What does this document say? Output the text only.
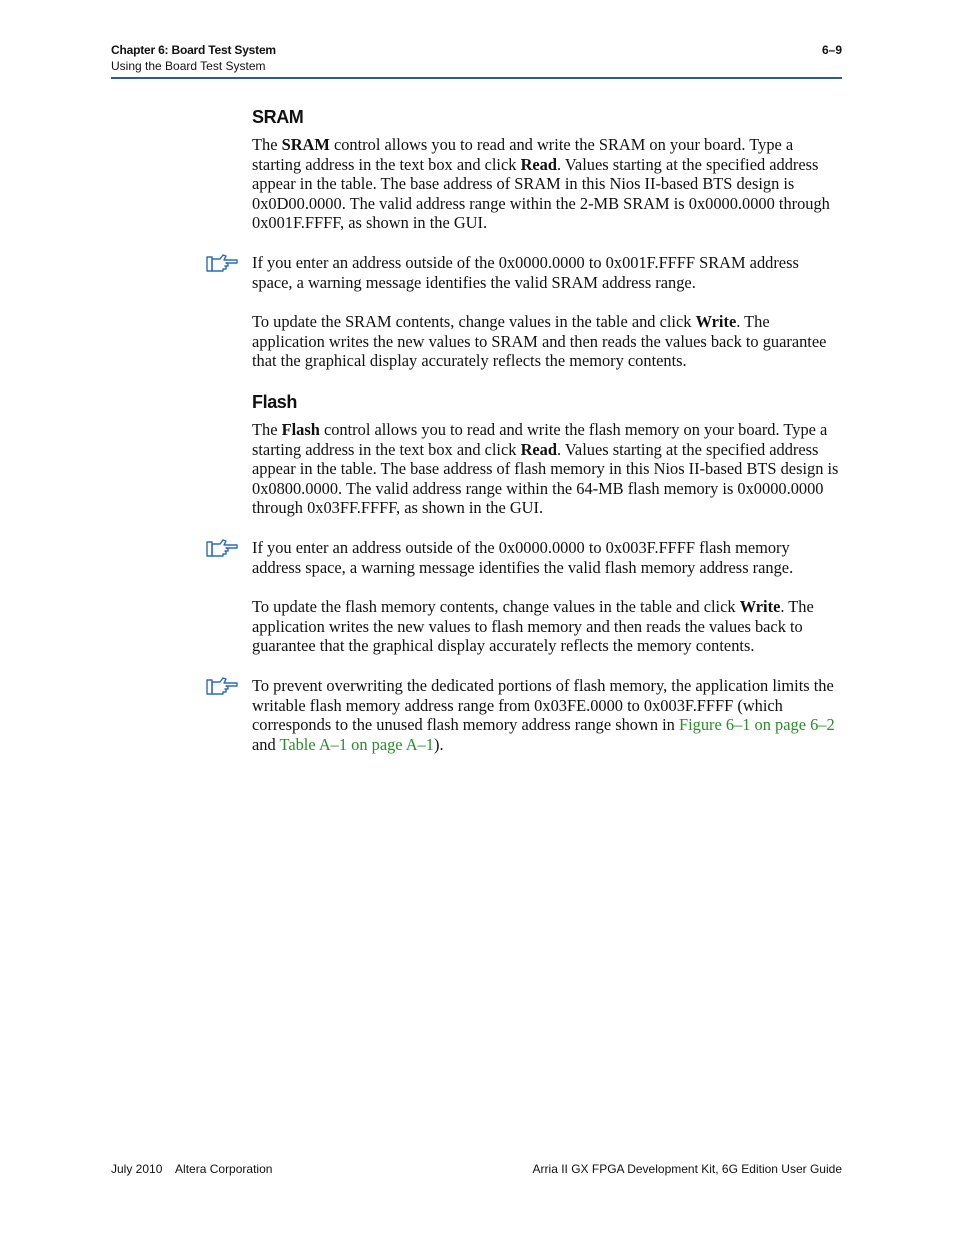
Chapter 6: Board Test System
Using the Board Test System
6–9
SRAM

The SRAM control allows you to read and write the SRAM on your board. Type a starting address in the text box and click Read. Values starting at the specified address appear in the table. The base address of SRAM in this Nios II-based BTS design is 0x0D00.0000. The valid address range within the 2-MB SRAM is 0x0000.0000 through 0x001F.FFFF, as shown in the GUI.

If you enter an address outside of the 0x0000.0000 to 0x001F.FFFF SRAM address space, a warning message identifies the valid SRAM address range.

To update the SRAM contents, change values in the table and click Write. The application writes the new values to SRAM and then reads the values back to guarantee that the graphical display accurately reflects the memory contents.

Flash

The Flash control allows you to read and write the flash memory on your board. Type a starting address in the text box and click Read. Values starting at the specified address appear in the table. The base address of flash memory in this Nios II-based BTS design is 0x0800.0000. The valid address range within the 64-MB flash memory is 0x0000.0000 through 0x03FF.FFFF, as shown in the GUI.

If you enter an address outside of the 0x0000.0000 to 0x003F.FFFF flash memory address space, a warning message identifies the valid flash memory address range.

To update the flash memory contents, change values in the table and click Write. The application writes the new values to flash memory and then reads the values back to guarantee that the graphical display accurately reflects the memory contents.

To prevent overwriting the dedicated portions of flash memory, the application limits the writable flash memory address range from 0x03FE.0000 to 0x003F.FFFF (which corresponds to the unused flash memory address range shown in Figure 6–1 on page 6–2 and Table A–1 on page A–1).

July 2010    Altera Corporation	Arria II GX FPGA Development Kit, 6G Edition User Guide
